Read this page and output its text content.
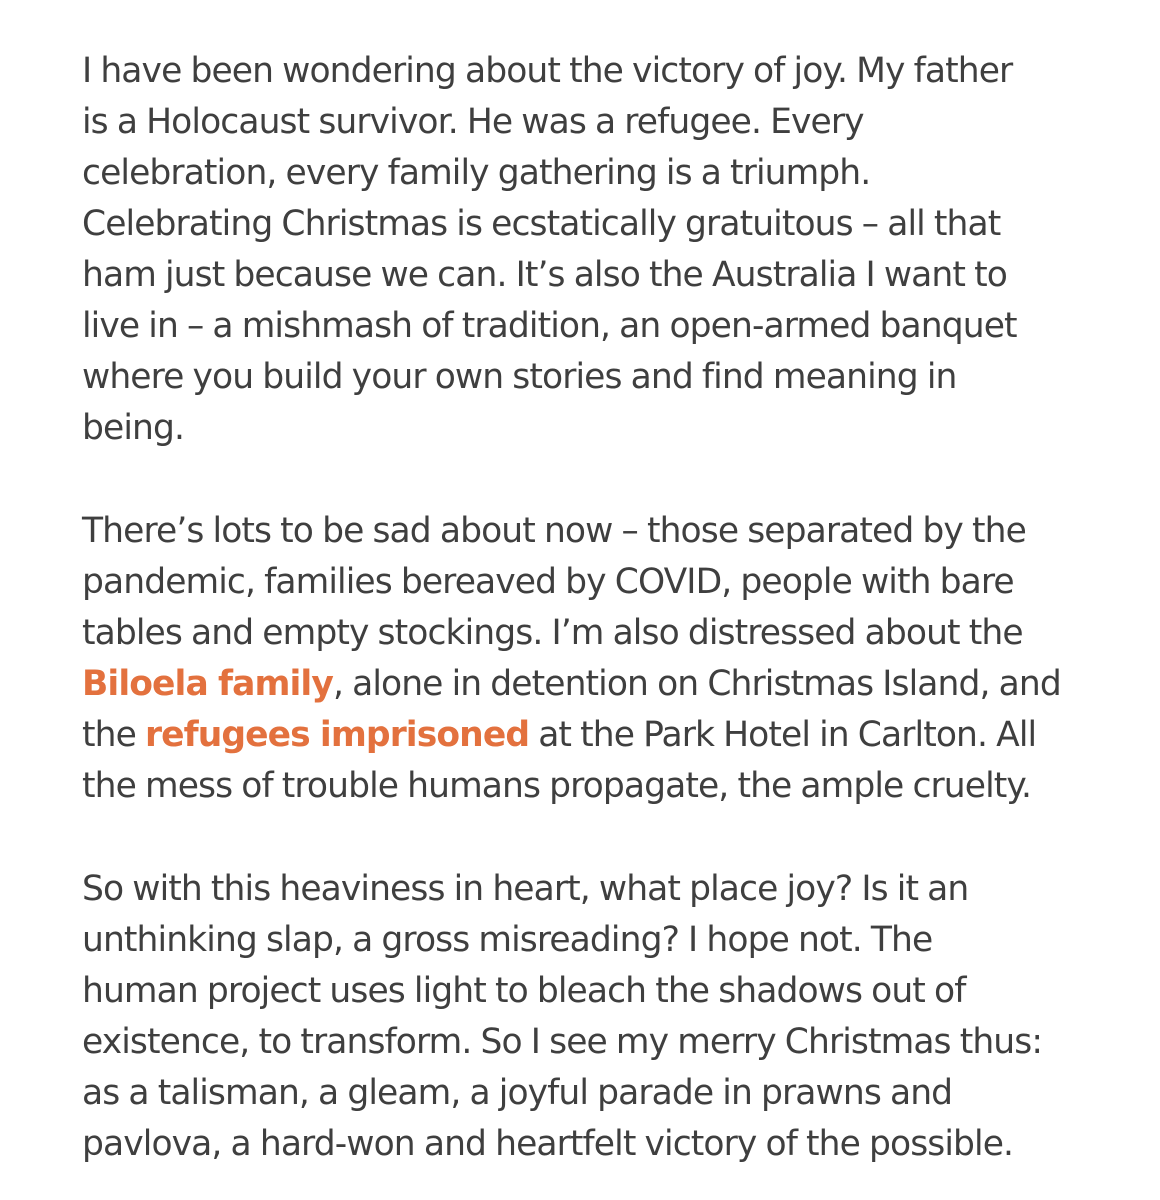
I have been wondering about the victory of joy. My father
is a Holocaust survivor. He was a refugee. Every
celebration, every family gathering is a triumph.
Celebrating Christmas is ecstatically gratuitous – all that
ham just because we can. It’s also the Australia I want to
live in – a mishmash of tradition, an open-armed banquet
where you build your own stories and find meaning in
being.

There’s lots to be sad about now – those separated by the
pandemic, families bereaved by COVID, people with bare
tables and empty stockings. I’m also distressed about the
Biloela family, alone in detention on Christmas Island, and
the refugees imprisoned at the Park Hotel in Carlton. All
the mess of trouble humans propagate, the ample cruelty.

So with this heaviness in heart, what place joy? Is it an
unthinking slap, a gross misreading? I hope not. The
human project uses light to bleach the shadows out of
existence, to transform. So I see my merry Christmas thus:
as a talisman, a gleam, a joyful parade in prawns and
pavlova, a hard-won and heartfelt victory of the possible.
